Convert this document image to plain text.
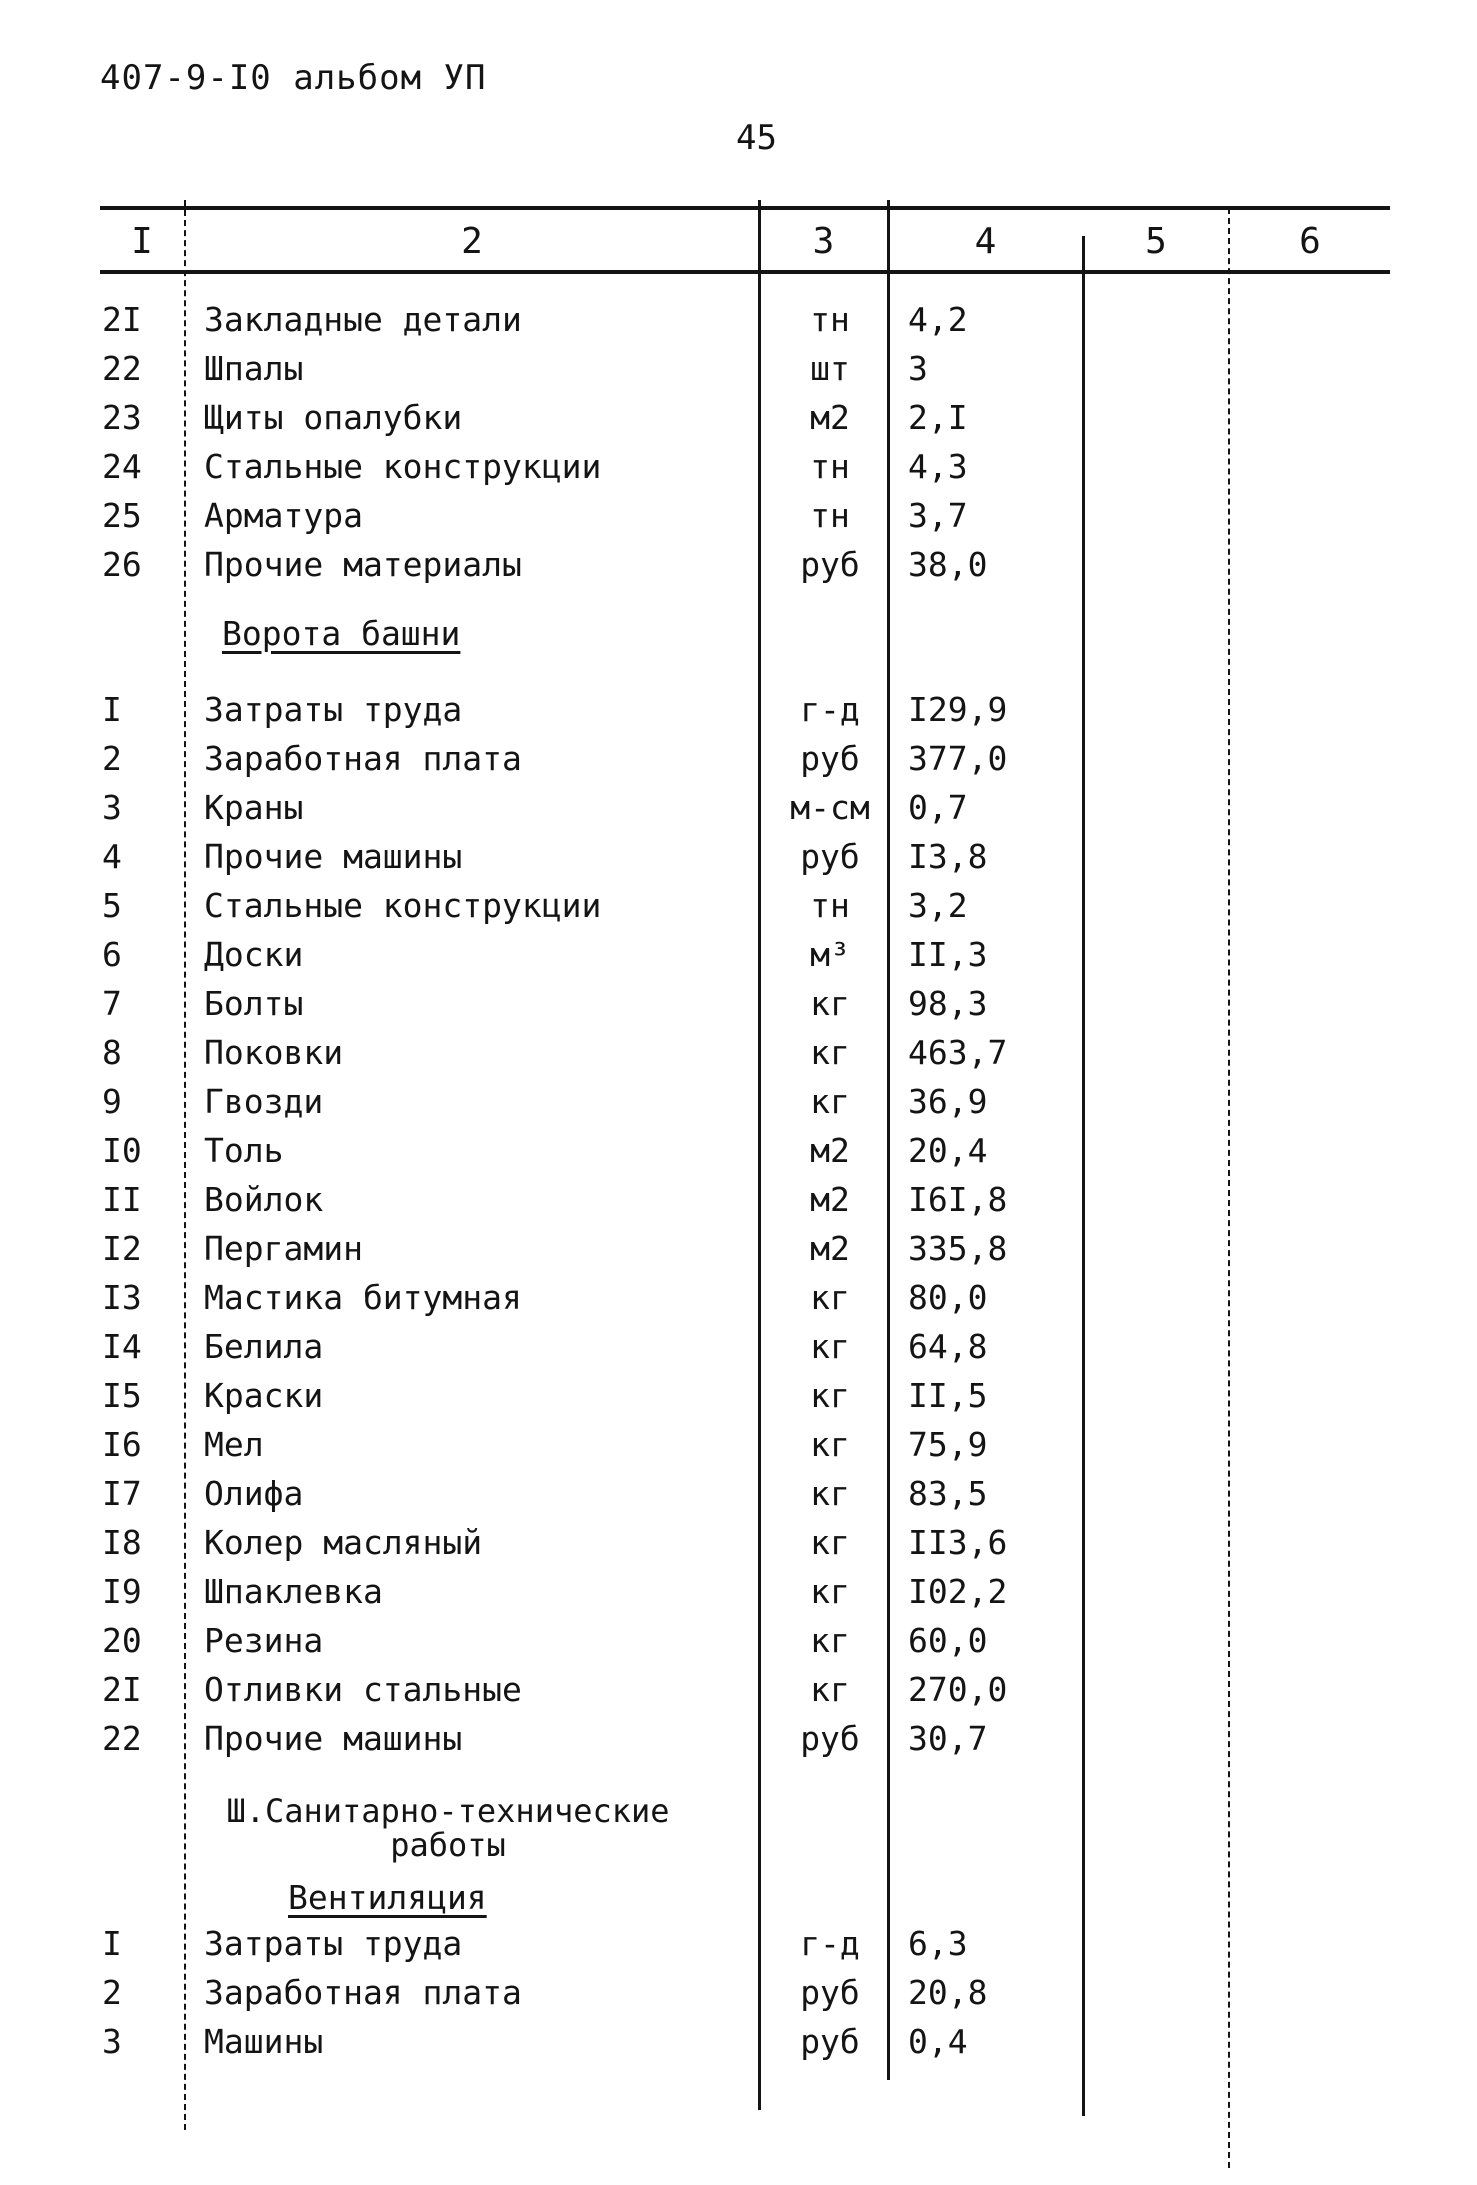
407-9-I0 альбом УП
45
I	2	3	4	5	6
Ворота башни
Ш.Санитарно-технические работы
Вентиляция
2I	Закладные детали	тн	4,2
22	Шпалы	шт	3
23	Щиты опалубки	м2	2,I
24	Стальные конструкции	тн	4,3
25	Арматура	тн	3,7
26	Прочие материалы	руб	38,0
I	Затраты труда	г-д	I29,9
2	Заработная плата	руб	377,0
3	Краны	м-см	0,7
4	Прочие машины	руб	I3,8
5	Стальные конструкции	тн	3,2
6	Доски	м³	II,3
7	Болты	кг	98,3
8	Поковки	кг	463,7
9	Гвозди	кг	36,9
I0	Толь	м2	20,4
II	Войлок	м2	I6I,8
I2	Пергамин	м2	335,8
I3	Мастика битумная	кг	80,0
I4	Белила	кг	64,8
I5	Краски	кг	II,5
I6	Мел	кг	75,9
I7	Олифа	кг	83,5
I8	Колер масляный	кг	II3,6
I9	Шпаклевка	кг	I02,2
20	Резина	кг	60,0
2I	Отливки стальные	кг	270,0
22	Прочие машины	руб	30,7
I	Затраты труда	г-д	6,3
2	Заработная плата	руб	20,8
3	Машины	руб	0,4
